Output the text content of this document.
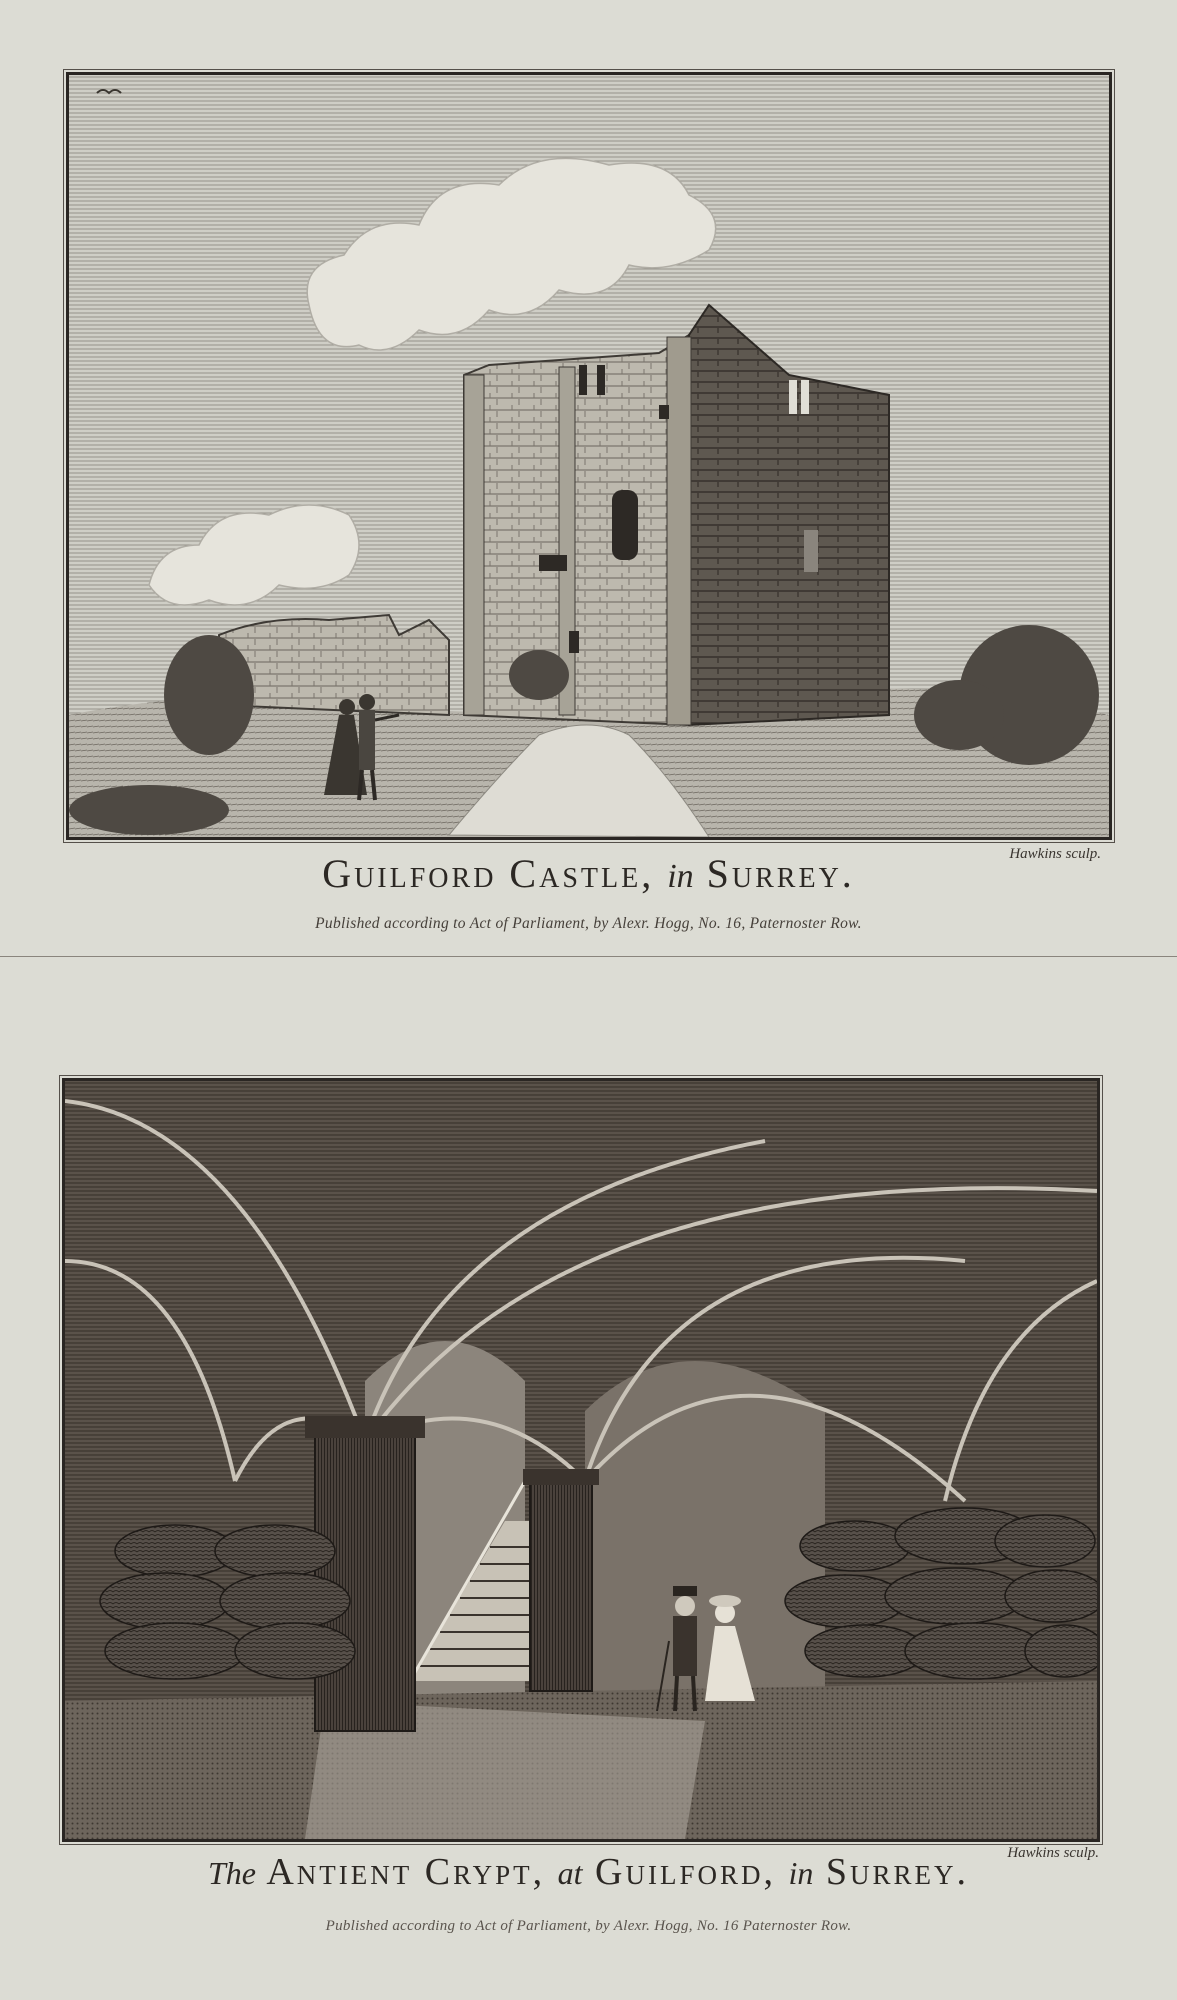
Hawkins sculp.
Guilford Castle, in Surrey.
Published according to Act of Parliament, by Alexr. Hogg, No. 16, Paternoster Row.
Hawkins sculp.
The Antient Crypt, at Guilford, in Surrey.
Published according to Act of Parliament, by Alexr. Hogg, No. 16 Paternoster Row.
